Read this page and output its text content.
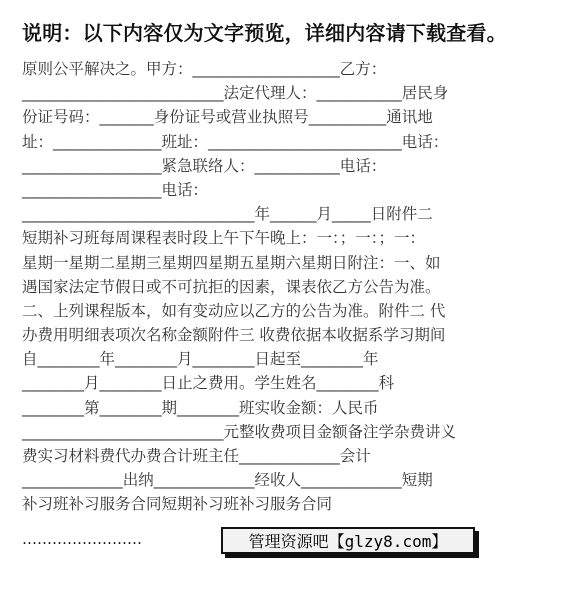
说明：以下内容仅为文字预览，详细内容请下载查看。
原则公平解决之。甲方：___________________乙方：
__________________________法定代理人：___________居民身
份证号码：_______身份证号或营业执照号__________通讯地
址：______________班址：_________________________电话：
__________________紧急联络人：___________电话：
__________________电话：
______________________________年______月_____日附件二
短期补习班每周课程表时段上午下午晚上：一：；一：；一：
星期一星期二星期三星期四星期五星期六星期日附注：一、如
遇国家法定节假日或不可抗拒的因素，课表依乙方公告为准。
二、上列课程版本，如有变动应以乙方的公告为准。附件二 代
办费用明细表项次名称金额附件三 收费依据本收据系学习期间
自________年________月________日起至________年
________月________日止之费用。学生姓名________科
________第________期________班实收金额：人民币
__________________________元整收费项目金额备注学杂费讲义
费实习材料费代办费合计班主任_____________会计
_____________出纳_____________经收人_____________短期
补习班补习服务合同短期补习班补习服务合同
……………………	管理资源吧【glzy8.com】
